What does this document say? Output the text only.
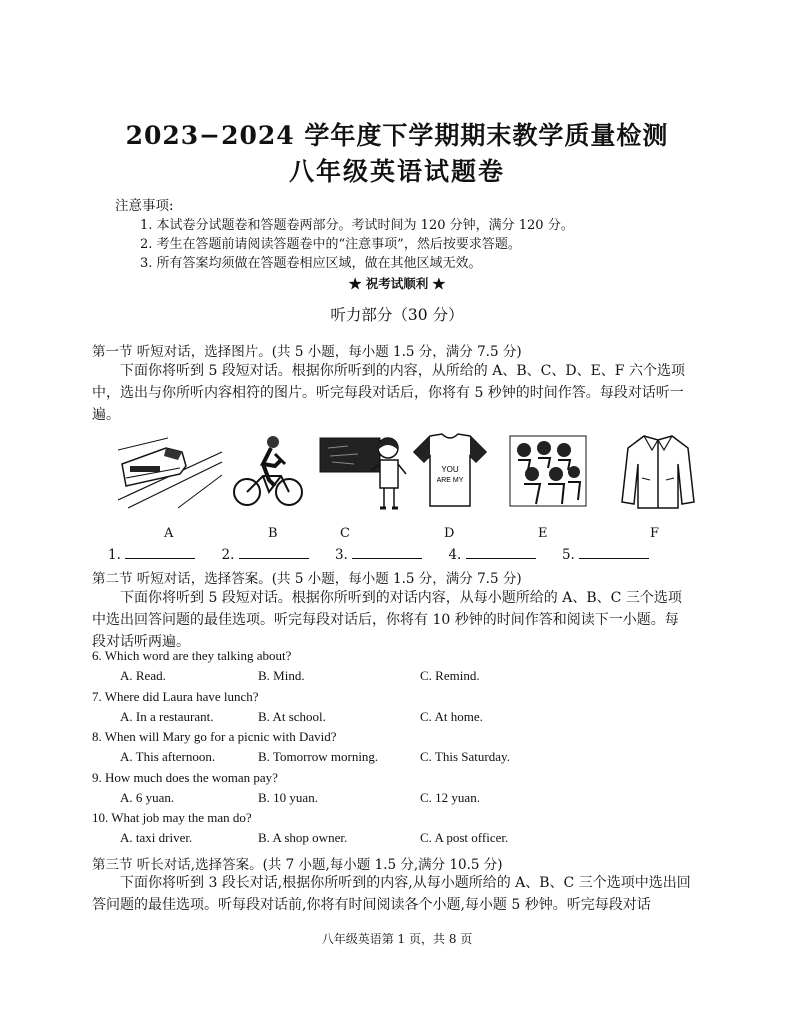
2023−2024 学年度下学期期末教学质量检测
八年级英语试题卷
注意事项:
1. 本试卷分试题卷和答题卷两部分。考试时间为 120 分钟，满分 120 分。
2. 考生在答题前请阅读答题卷中的“注意事项”，然后按要求答题。
3. 所有答案均须做在答题卷相应区域，做在其他区域无效。
★ 祝考试顺利 ★
听力部分（30 分）
第一节 听短对话，选择图片。(共 5 小题，每小题 1.5 分，满分 7.5 分)
下面你将听到 5 段短对话。根据你所听到的内容，从所给的 A、B、C、D、E、F 六个选项中，选出与你所听内容相符的图片。听完每段对话后，你将有 5 秒钟的时间作答。每段对话听一遍。
YOU
ARE MY
A	B	C	D	E	F
1.	2.	3.	4.	5.
第二节 听短对话，选择答案。(共 5 小题，每小题 1.5 分，满分 7.5 分)
下面你将听到 5 段短对话。根据你所听到的对话内容，从每小题所给的 A、B、C 三个选项中选出回答问题的最佳选项。听完每段对话后，你将有 10 秒钟的时间作答和阅读下一小题。每段对话听两遍。
6. Which word are they talking about?
A. Read.	B. Mind.	C. Remind.
7. Where did Laura have lunch?
A. In a restaurant.	B. At school.	C. At home.
8. When will Mary go for a picnic with David?
A. This afternoon.	B. Tomorrow morning.	C. This Saturday.
9. How much does the woman pay?
A. 6 yuan.	B. 10 yuan.	C. 12 yuan.
10. What job may the man do?
A. taxi driver.	B. A shop owner.	C. A post officer.
第三节 听长对话,选择答案。(共 7 小题,每小题 1.5 分,满分 10.5 分)
下面你将听到 3 段长对话,根据你所听到的内容,从每小题所给的 A、B、C 三个选项中选出回答问题的最佳选项。听每段对话前,你将有时间阅读各个小题,每小题 5 秒钟。听完每段对话
八年级英语第 1 页，共 8 页
